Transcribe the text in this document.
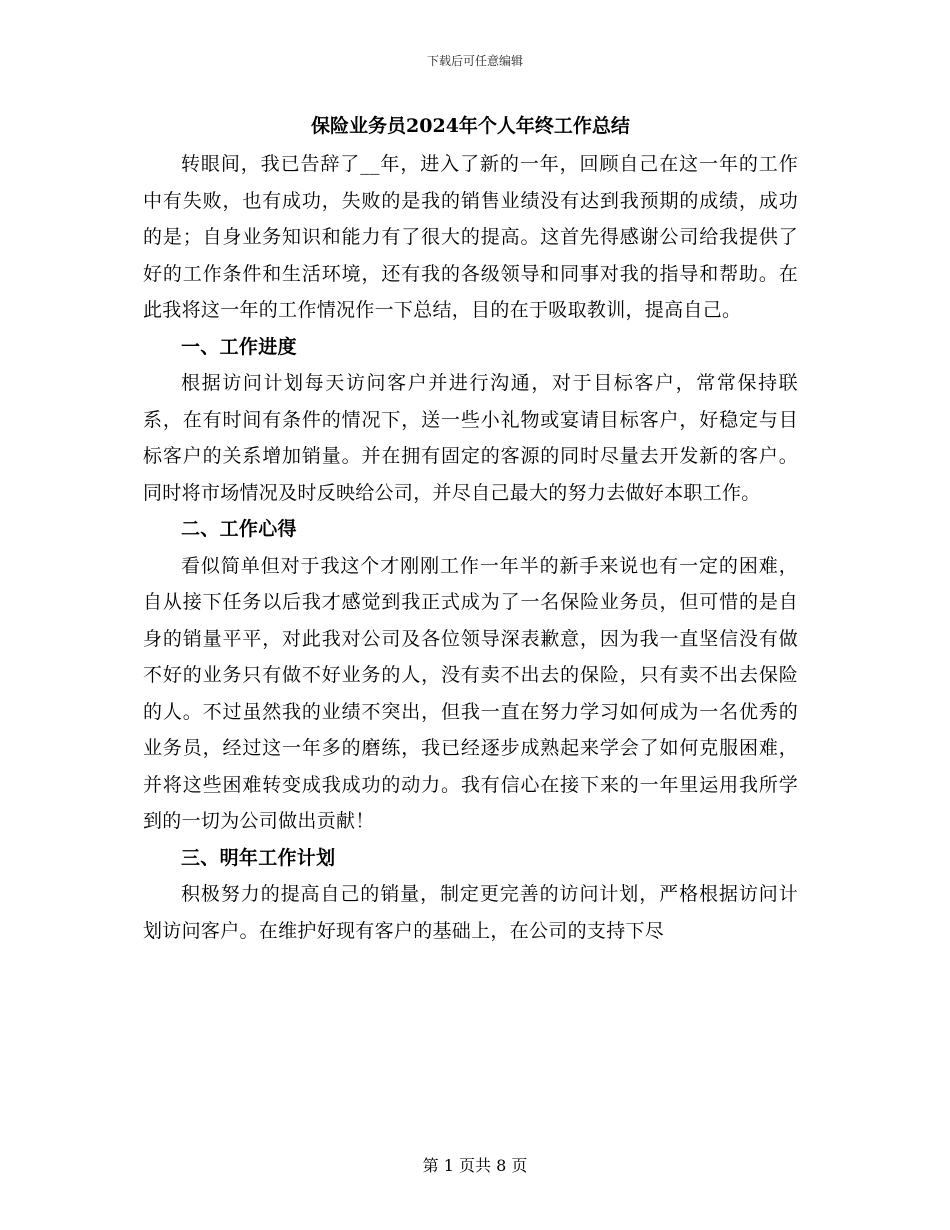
下载后可任意编辑
保险业务员2024年个人年终工作总结

转眼间，我已告辞了__年，进入了新的一年，回顾自己在这一年的工作中有失败，也有成功，失败的是我的销售业绩没有达到我预期的成绩，成功的是；自身业务知识和能力有了很大的提高。这首先得感谢公司给我提供了好的工作条件和生活环境，还有我的各级领导和同事对我的指导和帮助。在此我将这一年的工作情况作一下总结，目的在于吸取教训，提高自己。

一、工作进度

根据访问计划每天访问客户并进行沟通，对于目标客户，常常保持联系，在有时间有条件的情况下，送一些小礼物或宴请目标客户，好稳定与目标客户的关系增加销量。并在拥有固定的客源的同时尽量去开发新的客户。同时将市场情况及时反映给公司，并尽自己最大的努力去做好本职工作。

二、工作心得

看似简单但对于我这个才刚刚工作一年半的新手来说也有一定的困难，自从接下任务以后我才感觉到我正式成为了一名保险业务员，但可惜的是自身的销量平平，对此我对公司及各位领导深表歉意，因为我一直坚信没有做不好的业务只有做不好业务的人，没有卖不出去的保险，只有卖不出去保险的人。不过虽然我的业绩不突出，但我一直在努力学习如何成为一名优秀的业务员，经过这一年多的磨练，我已经逐步成熟起来学会了如何克服困难，并将这些困难转变成我成功的动力。我有信心在接下来的一年里运用我所学到的一切为公司做出贡献！

三、明年工作计划

积极努力的提高自己的销量，制定更完善的访问计划，严格根据访问计划访问客户。在维护好现有客户的基础上，在公司的支持下尽

第 1 页共 8 页
